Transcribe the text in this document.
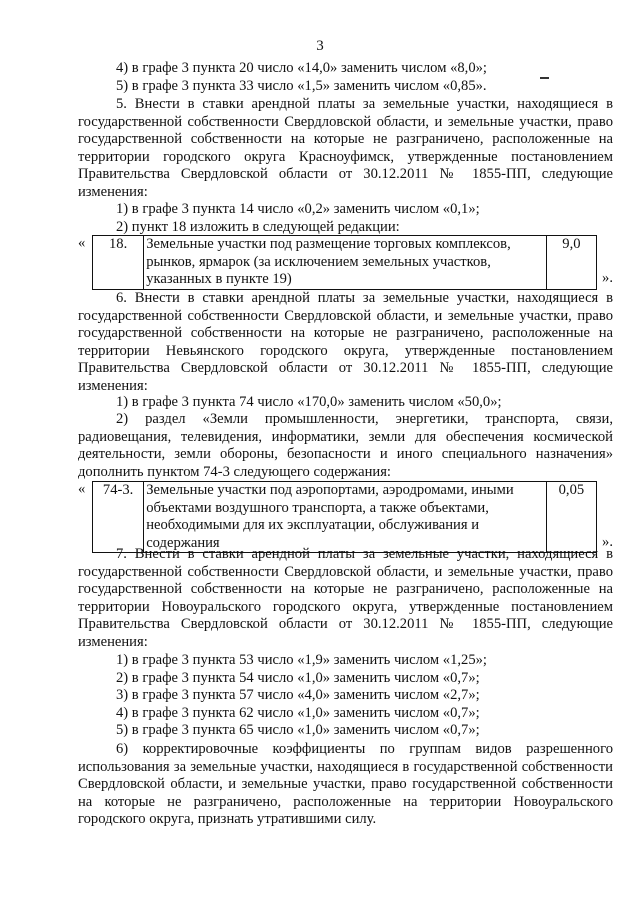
3
4) в графе 3 пункта 20 число «14,0» заменить числом «8,0»;
5) в графе 3 пункта 33 число «1,5» заменить числом «0,85».
5. Внести в ставки арендной платы за земельные участки, находящиеся в государственной собственности Свердловской области, и земельные участки, право государственной собственности на которые не разграничено, расположенные на территории городского округа Красноуфимск, утвержденные постановлением Правительства Свердловской области от 30.12.2011 № 1855-ПП, следующие изменения:
1) в графе 3 пункта 14 число «0,2» заменить числом «0,1»;
2) пункт 18 изложить в следующей редакции:
« 18.	Земельные участки под размещение торговых комплексов, рынков, ярмарок (за исключением земельных участков, указанных в пункте 19)	9,0
».
6. Внести в ставки арендной платы за земельные участки, находящиеся в государственной собственности Свердловской области, и земельные участки, право государственной собственности на которые не разграничено, расположенные на территории Невьянского городского округа, утвержденные постановлением Правительства Свердловской области от 30.12.2011 № 1855-ПП, следующие изменения:
1) в графе 3 пункта 74 число «170,0» заменить числом «50,0»;
2) раздел «Земли промышленности, энергетики, транспорта, связи, радиовещания, телевидения, информатики, земли для обеспечения космической деятельности, земли обороны, безопасности и иного специального назначения» дополнить пунктом 74-3 следующего содержания:
« 74-3.	Земельные участки под аэропортами, аэродромами, иными объектами воздушного транспорта, а также объектами, необходимыми для их эксплуатации, обслуживания и содержания	0,05
».
7. Внести в ставки арендной платы за земельные участки, находящиеся в государственной собственности Свердловской области, и земельные участки, право государственной собственности на которые не разграничено, расположенные на территории Новоуральского городского округа, утвержденные постановлением Правительства Свердловской области от 30.12.2011 № 1855-ПП, следующие изменения:
1) в графе 3 пункта 53 число «1,9» заменить числом «1,25»;
2) в графе 3 пункта 54 число «1,0» заменить числом «0,7»;
3) в графе 3 пункта 57 число «4,0» заменить числом «2,7»;
4) в графе 3 пункта 62 число «1,0» заменить числом «0,7»;
5) в графе 3 пункта 65 число «1,0» заменить числом «0,7»;
6) корректировочные коэффициенты по группам видов разрешенного использования за земельные участки, находящиеся в государственной собственности Свердловской области, и земельные участки, право государственной собственности на которые не разграничено, расположенные на территории Новоуральского городского округа, признать утратившими силу.
